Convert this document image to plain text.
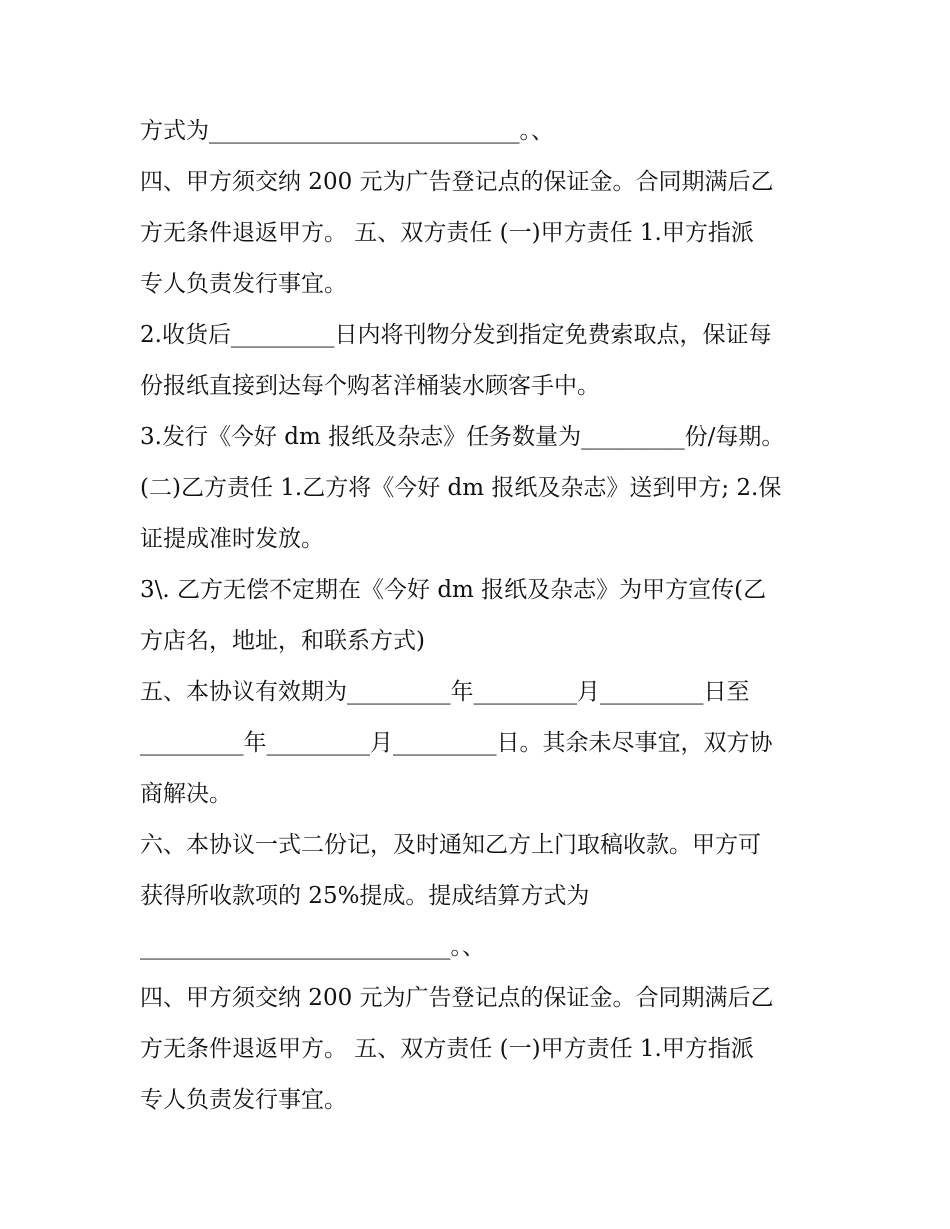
方式为___________________________。、
四、甲方须交纳 200 元为广告登记点的保证金。合同期满后乙
方无条件退返甲方。 五、双方责任 (一)甲方责任 1.甲方指派
专人负责发行事宜。
2.收货后_________日内将刊物分发到指定免费索取点，保证每
份报纸直接到达每个购茗洋桶装水顾客手中。
3.发行《今好 dm 报纸及杂志》任务数量为_________份/每期。
(二)乙方责任 1.乙方将《今好 dm 报纸及杂志》送到甲方; 2.保
证提成准时发放。
3\. 乙方无偿不定期在《今好 dm 报纸及杂志》为甲方宣传(乙
方店名，地址，和联系方式)
五、本协议有效期为_________年_________月_________日至
_________年_________月_________日。其余未尽事宜，双方协
商解决。
六、本协议一式二份记，及时通知乙方上门取稿收款。甲方可
获得所收款项的 25%提成。提成结算方式为
___________________________。、
四、甲方须交纳 200 元为广告登记点的保证金。合同期满后乙
方无条件退返甲方。 五、双方责任 (一)甲方责任 1.甲方指派
专人负责发行事宜。
